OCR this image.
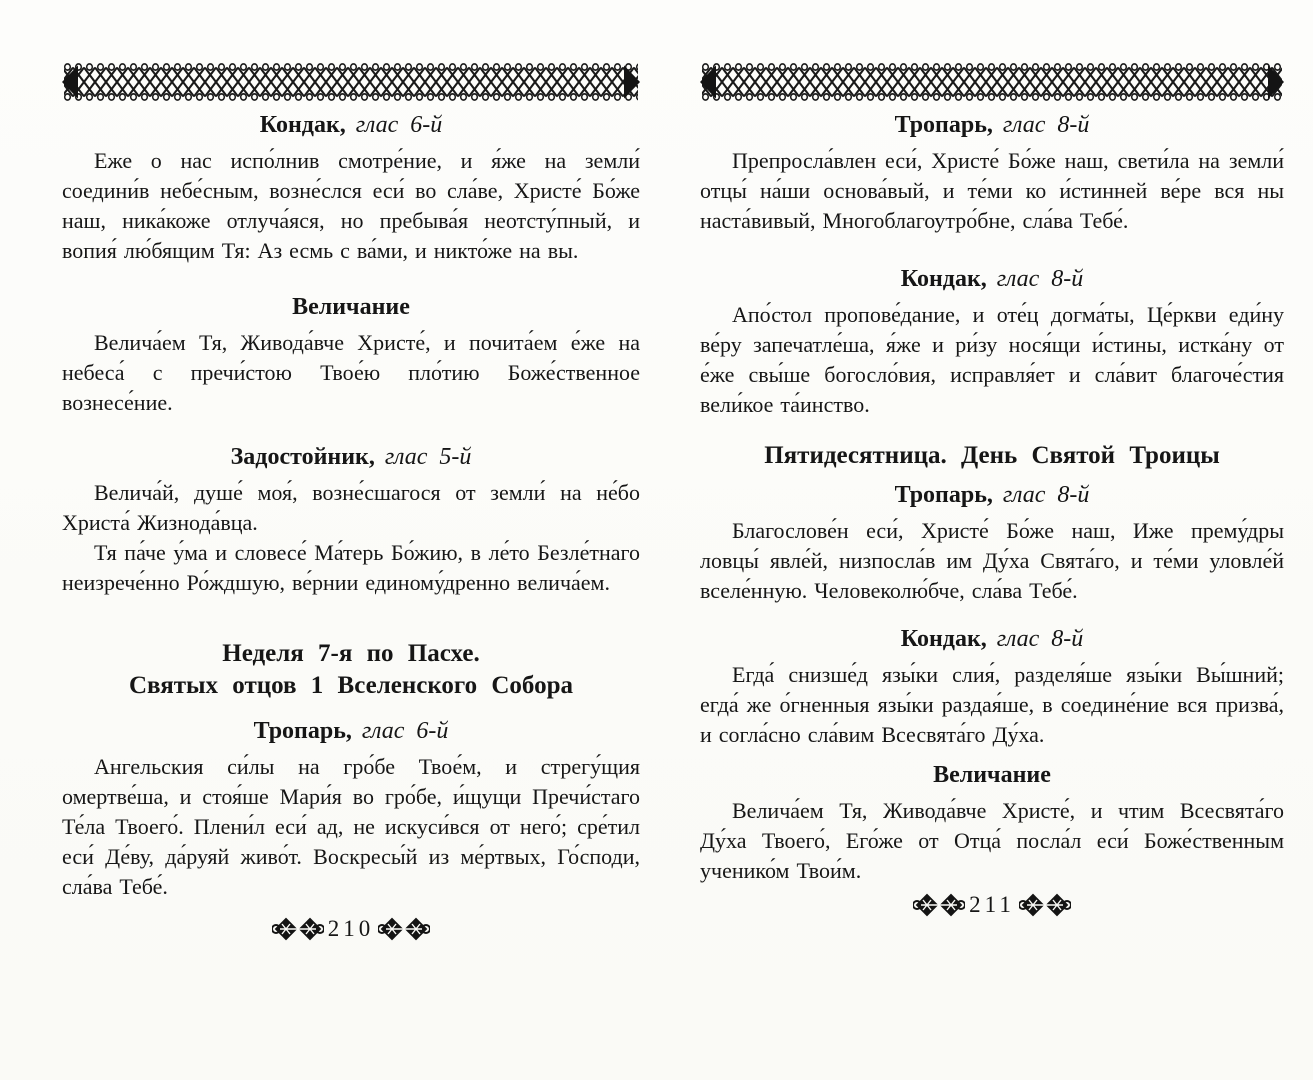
Кондак, глас 6-й

Еже о нас испо́лнив смотре́ние, и я́же на земли́ соедини́в небе́сным, возне́слся еси́ во сла́ве, Христе́ Бо́же наш, ника́коже отлуча́яся, но пребыва́я неотсту́пный, и вопия́ лю́бящим Тя: Аз есмь с ва́ми, и никто́же на вы.

Величание

Велича́ем Тя, Живода́вче Христе́, и почита́ем е́же на небеса́ с пречи́стою Твое́ю пло́тию Боже́ственное вознесе́ние.

Задостойник, глас 5-й

Велича́й, душе́ моя́, возне́сшагося от земли́ на не́бо Христа́ Жизнода́вца.

Тя па́че у́ма и словесе́ Ма́терь Бо́жию, в ле́то Безле́тнаго неизрече́нно Ро́ждшую, ве́рнии единому́дренно велича́ем.

Неделя 7-я по Пасхе.
Святых отцов 1 Вселенского Собора
Тропарь, глас 6-й

Ангельския си́лы на гро́бе Твое́м, и стрегу́щия омертве́ша, и стоя́ше Мари́я во гро́бе, и́щущи Пречи́стаго Те́ла Твоего́. Плени́л еси́ ад, не искуси́вся от него́; сре́тил еси́ Де́ву, да́руяй живо́т. Воскресы́й из ме́ртвых, Го́споди, сла́ва Тебе́.

210
Тропарь, глас 8-й

Препросла́влен еси́, Христе́ Бо́же наш, свети́ла на земли́ отцы́ на́ши основа́вый, и те́ми ко и́стинней ве́ре вся ны наста́вивый, Многоблагоутро́бне, сла́ва Тебе́.

Кондак, глас 8-й

Апо́стол пропове́дание, и оте́ц догма́ты, Це́ркви еди́ну ве́ру запечатле́ша, я́же и ри́зу нося́щи и́стины, истка́ну от е́же свы́ше богосло́вия, исправля́ет и сла́вит благоче́стия вели́кое та́инство.

Пятидесятница. День Святой Троицы
Тропарь, глас 8-й

Благослове́н еси́, Христе́ Бо́же наш, Иже прему́дры ловцы́ явле́й, низпосла́в им Ду́ха Свята́го, и те́ми уловле́й вселе́нную. Человеколю́бче, сла́ва Тебе́.

Кондак, глас 8-й

Егда́ снизше́д язы́ки слия́, разделя́ше язы́ки Вы́шний; егда́ же о́гненныя язы́ки раздая́ше, в соедине́ние вся призва́, и согла́сно сла́вим Всесвята́го Ду́ха.

Величание

Велича́ем Тя, Живода́вче Христе́, и чтим Всесвята́го Ду́ха Твоего́, Его́же от Отца́ посла́л еси́ Боже́ственным ученико́м Твои́м.

211
